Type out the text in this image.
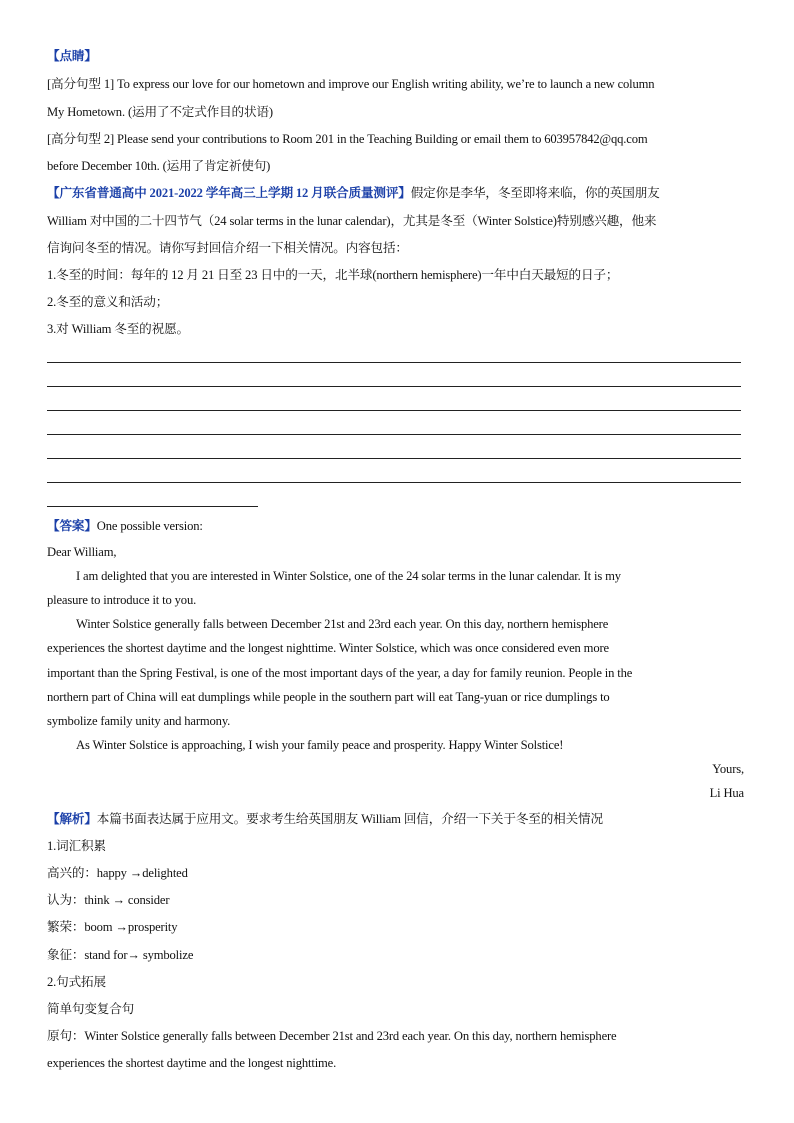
【点睛】
[高分句型 1] To express our love for our hometown and improve our English writing ability, we’re to launch a new column
My Hometown. (运用了不定式作目的状语)
[高分句型 2] Please send your contributions to Room 201 in the Teaching Building or email them to 603957842@qq.com
before December 10th. (运用了肯定祈使句)
【广东省普通高中 2021-2022 学年高三上学期 12 月联合质量测评】假定你是李华，冬至即将来临，你的英国朋友
William 对中国的二十四节气（24 solar terms in the lunar calendar)，尤其是冬至（Winter Solstice)特别感兴趣，他来
信询问冬至的情况。请你写封回信介绍一下相关情况。内容包括：
1.冬至的时间：每年的 12 月 21 日至 23 日中的一天，北半球(northern hemisphere)一年中白天最短的日子；
2.冬至的意义和活动；
3.对 William 冬至的祝愿。
【答案】One possible version:
Dear William,
I am delighted that you are interested in Winter Solstice, one of the 24 solar terms in the lunar calendar. It is my
pleasure to introduce it to you.
Winter Solstice generally falls between December 21st and 23rd each year. On this day, northern hemisphere
experiences the shortest daytime and the longest nighttime. Winter Solstice, which was once considered even more
important than the Spring Festival, is one of the most important days of the year, a day for family reunion. People in the
northern part of China will eat dumplings while people in the southern part will eat Tang-yuan or rice dumplings to
symbolize family unity and harmony.
As Winter Solstice is approaching, I wish your family peace and prosperity. Happy Winter Solstice!
Yours,
Li Hua
【解析】本篇书面表达属于应用文。要求考生给英国朋友 William 回信，介绍一下关于冬至的相关情况
1.词汇积累
高兴的：happy →delighted
认为：think → consider
繁荣：boom →prosperity
象征：stand for→ symbolize
2.句式拓展
简单句变复合句
原句：Winter Solstice generally falls between December 21st and 23rd each year. On this day, northern hemisphere
experiences the shortest daytime and the longest nighttime.
